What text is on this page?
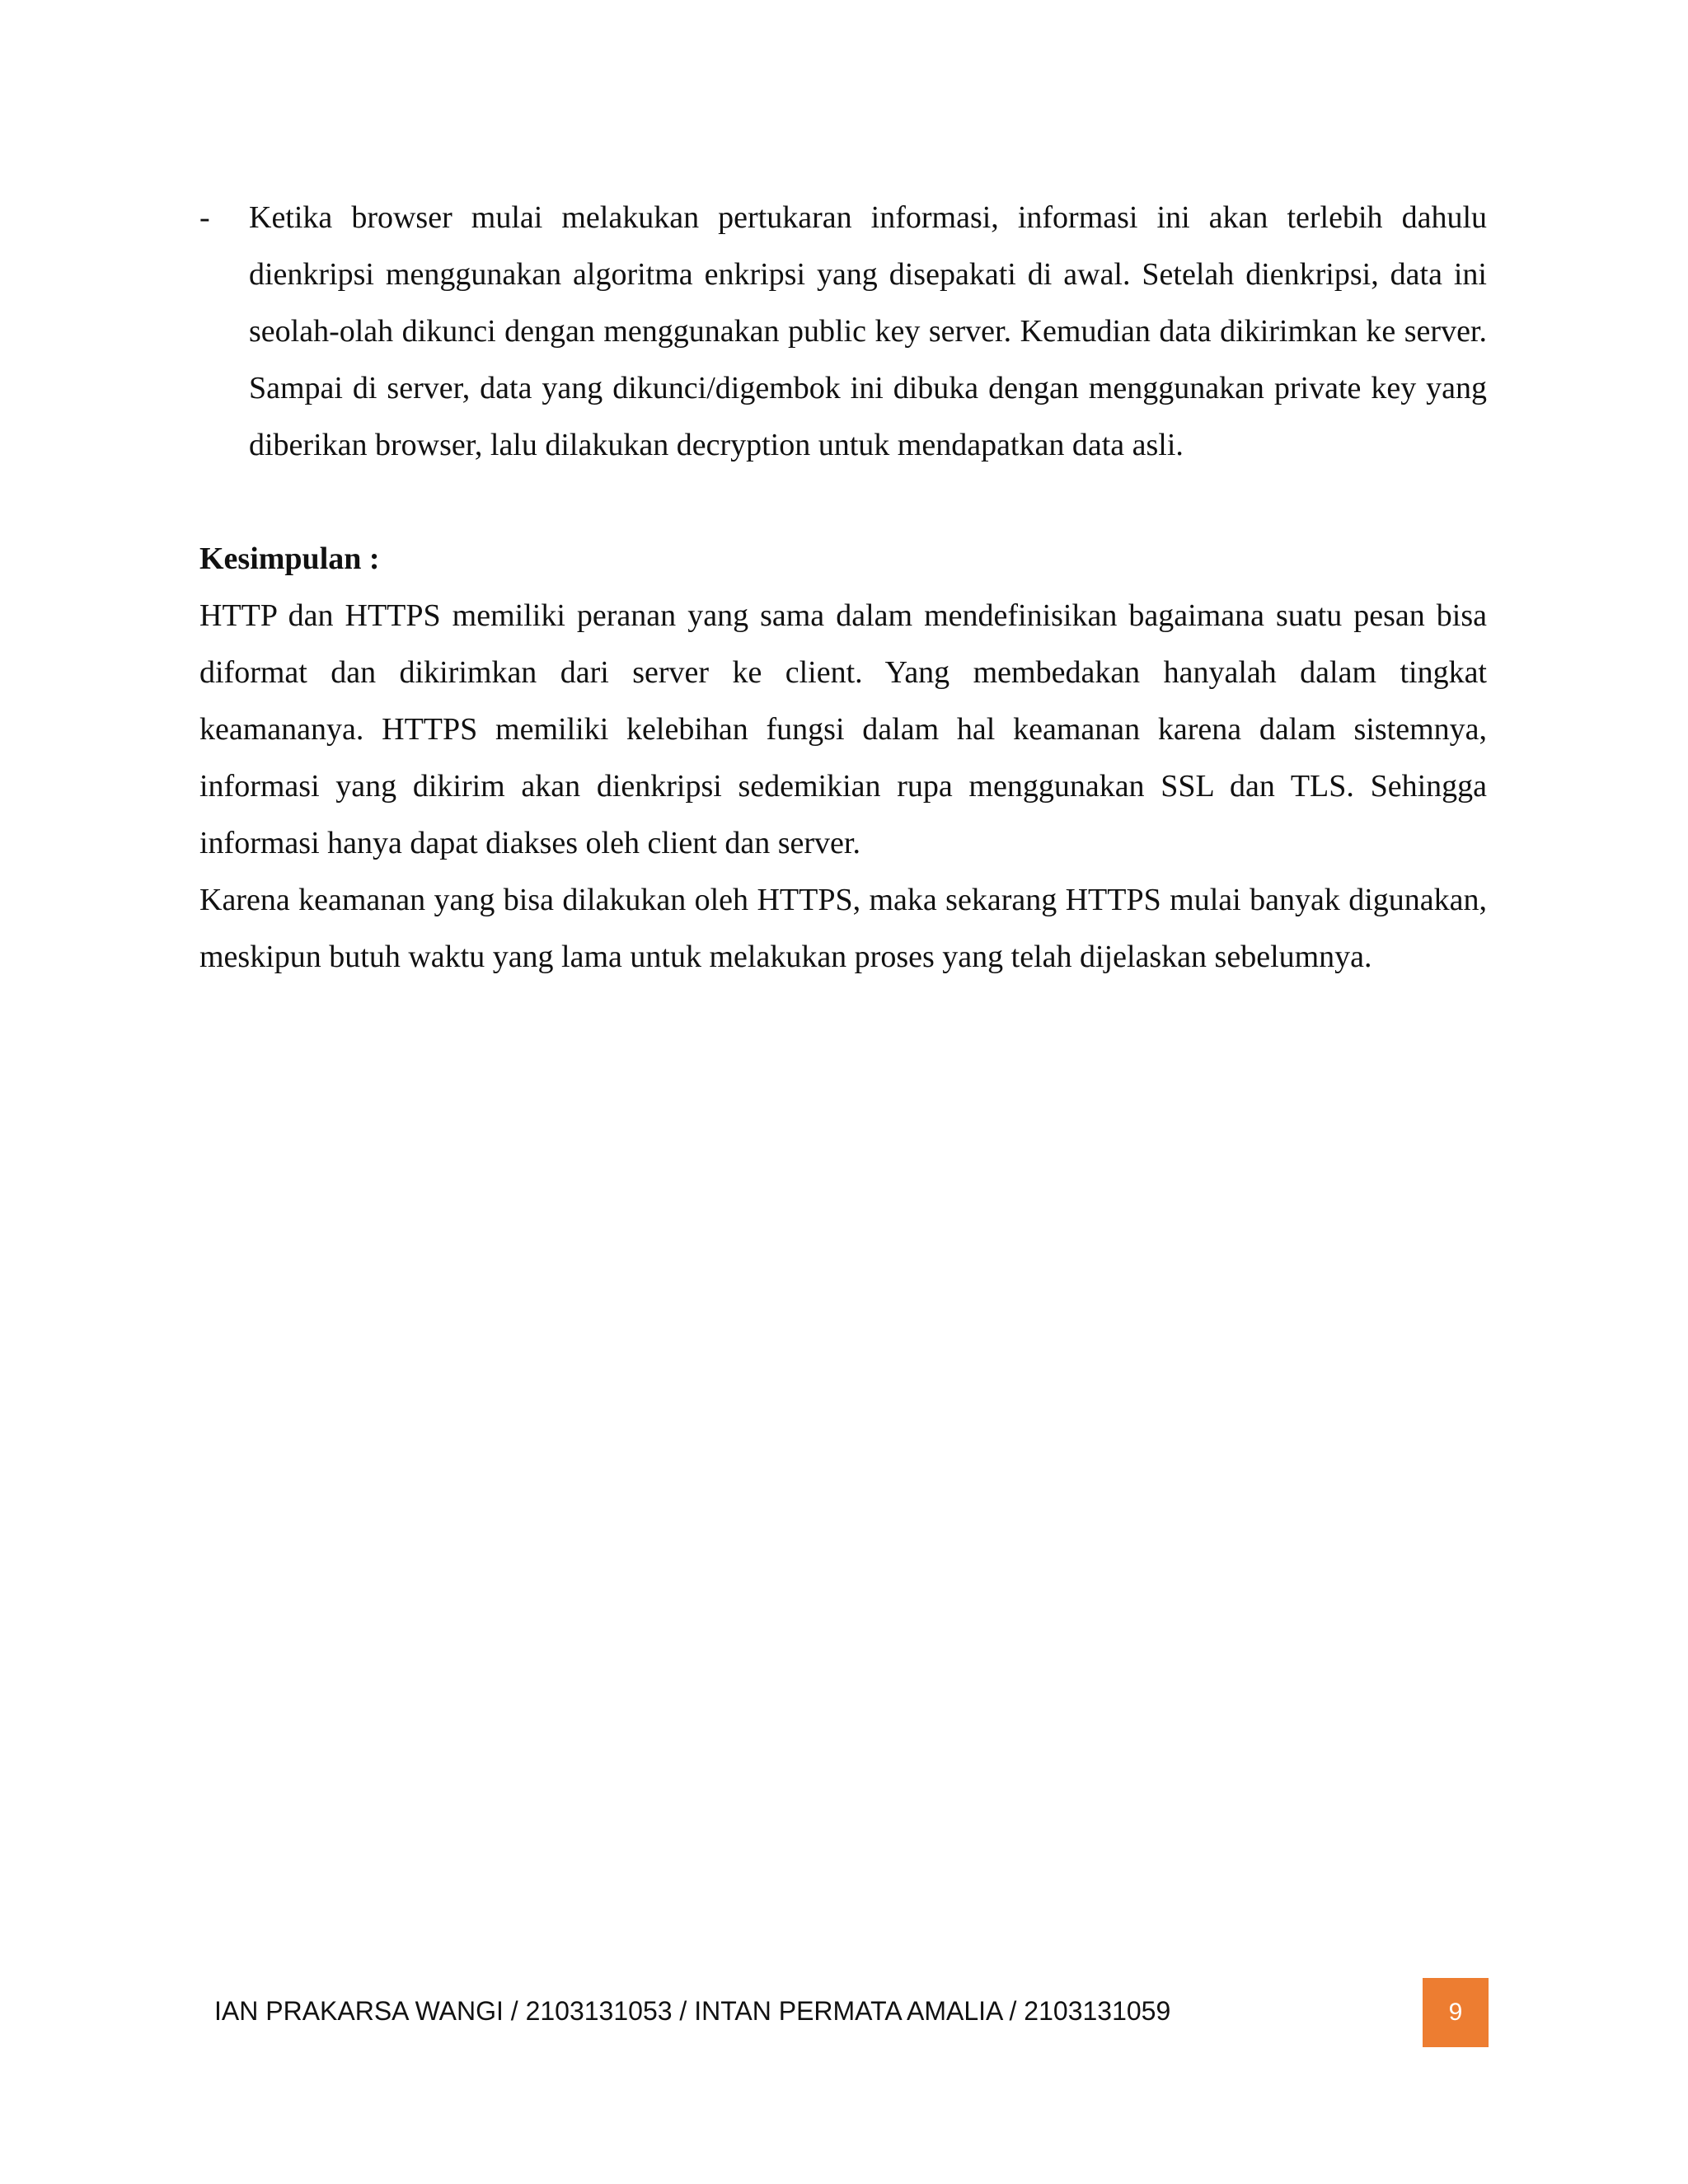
- Ketika browser mulai melakukan pertukaran informasi, informasi ini akan terlebih dahulu dienkripsi menggunakan algoritma enkripsi yang disepakati di awal. Setelah dienkripsi, data ini seolah-olah dikunci dengan menggunakan public key server. Kemudian data dikirimkan ke server. Sampai di server, data yang dikunci/digembok ini dibuka dengan menggunakan private key yang diberikan browser, lalu dilakukan decryption untuk mendapatkan data asli.
Kesimpulan :

HTTP dan HTTPS memiliki peranan yang sama dalam mendefinisikan bagaimana suatu pesan bisa diformat dan dikirimkan dari server ke client. Yang membedakan hanyalah dalam tingkat keamananya. HTTPS memiliki kelebihan fungsi dalam hal keamanan karena dalam sistemnya, informasi yang dikirim akan dienkripsi sedemikian rupa menggunakan SSL dan TLS. Sehingga informasi hanya dapat diakses oleh client dan server.

Karena keamanan yang bisa dilakukan oleh HTTPS, maka sekarang HTTPS mulai banyak digunakan, meskipun butuh waktu yang lama untuk melakukan proses yang telah dijelaskan sebelumnya.

IAN PRAKARSA WANGI / 2103131053 / INTAN PERMATA AMALIA / 2103131059	9
